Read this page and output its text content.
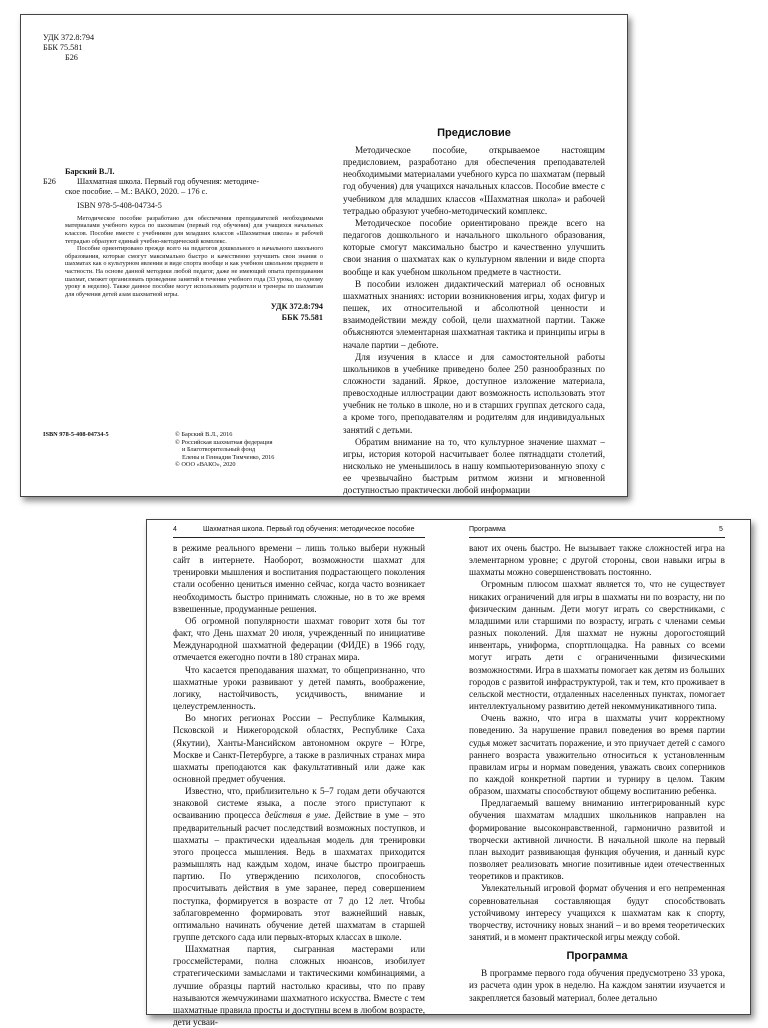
УДК 372.8:794

ББК 75.581

Б26

Барский В.Л.

Б26	Шахматная школа. Первый год обучения: методиче-

ское пособие. – М.: ВАКО, 2020. – 176 с.

ISBN 978-5-408-04734-5

Методическое пособие разработано для обеспечения преподавателей необходимыми материалами учебного курса по шахматам (первый год обучения) для учащихся начальных классов. Пособие вместе с учебником для младших классов «Шахматная школа» и рабочей тетрадью образуют единый учебно-методический комплекс.

Пособие ориентировано прежде всего на педагогов дошкольного и начального школьного образования, которые смогут максимально быстро и качественно улучшить свои знания о шахматах как о культурном явлении и виде спорта вообще и как учебном школьном предмете в частности. На основе данной методики любой педагог, даже не имеющий опыта преподавания шахмат, сможет организовать проведение занятий в течение учебного года (33 урока, по одному уроку в неделю). Также данное пособие могут использовать родители и тренеры по шахматам для обучения детей азам шахматной игры.

УДК 372.8:794

ББК 75.581

ISBN 978-5-408-04734-5	© Барский В.Л., 2016

© Российская шахматная федерация

и Благотворительный фонд

Елены и Геннадия Тимченко, 2016

© ООО «ВАКО», 2020

Предисловие

Методическое пособие, открываемое настоящим предисловием, разработано для обеспечения преподавателей необходимыми материалами учебного курса по шахматам (первый год обучения) для учащихся начальных классов. Пособие вместе с учебником для младших классов «Шахматная школа» и рабочей тетрадью образуют учебно-методический комплекс.

Методическое пособие ориентировано прежде всего на педагогов дошкольного и начального школьного образования, которые смогут максимально быстро и качественно улучшить свои знания о шахматах как о культурном явлении и виде спорта вообще и как учебном школьном предмете в частности.

В пособии изложен дидактический материал об основных шахматных знаниях: истории возникновения игры, ходах фигур и пешек, их относительной и абсолютной ценности и взаимодействии между собой, цели шахматной партии. Также объясняются элементарная шахматная тактика и принципы игры в начале партии – дебюте.

Для изучения в классе и для самостоятельной работы школьников в учебнике приведено более 250 разнообразных по сложности заданий. Яркое, доступное изложение материала, превосходные иллюстрации дают возможность использовать этот учебник не только в школе, но и в старших группах детского сада, а кроме того, преподавателям и родителям для индивидуальных занятий с детьми.

Обратим внимание на то, что культурное значение шахмат – игры, история которой насчитывает более пятнадцати столетий, нисколько не уменьшилось в нашу компьютеризованную эпоху с ее чрезвычайно быстрым ритмом жизни и мгновенной доступностью практически любой информации

4	Шахматная школа. Первый год обучения: методическое пособие	Программа	5

в режиме реального времени – лишь только выбери нужный сайт в интернете. Наоборот, возможности шахмат для тренировки мышления и воспитания подрастающего поколения стали особенно цениться именно сейчас, когда часто возникает необходимость быстро принимать сложные, но в то же время взвешенные, продуманные решения.

Об огромной популярности шахмат говорит хотя бы тот факт, что День шахмат 20 июля, учрежденный по инициативе Международной шахматной федерации (ФИДЕ) в 1966 году, отмечается ежегодно почти в 180 странах мира.

Что касается преподавания шахмат, то общепризнанно, что шахматные уроки развивают у детей память, воображение, логику, настойчивость, усидчивость, внимание и целеустремленность.

Во многих регионах России – Республике Калмыкия, Псковской и Нижегородской областях, Республике Саха (Якутии), Ханты-Мансийском автономном округе – Югре, Москве и Санкт-Петербурге, а также в различных странах мира шахматы преподаются как факультативный или даже как основной предмет обучения.

Известно, что, приблизительно к 5–7 годам дети обучаются знаковой системе языка, а после этого приступают к осваиванию процесса действия в уме. Действие в уме – это предварительный расчет последствий возможных поступков, и шахматы – практически идеальная модель для тренировки этого процесса мышления. Ведь в шахматах приходится размышлять над каждым ходом, иначе быстро проиграешь партию. По утверждению психологов, способность просчитывать действия в уме заранее, перед совершением поступка, формируется в возрасте от 7 до 12 лет. Чтобы заблаговременно формировать этот важнейший навык, оптимально начинать обучение детей шахматам в старшей группе детского сада или первых-вторых классах в школе.

Шахматная партия, сыгранная мастерами или гроссмейстерами, полна сложных нюансов, изобилует стратегическими замыслами и тактическими комбинациями, а лучшие образцы партий настолько красивы, что по праву называются жемчужинами шахматного искусства. Вместе с тем шахматные правила просты и доступны всем в любом возрасте, дети усваи-

вают их очень быстро. Не вызывает также сложностей игра на элементарном уровне; с другой стороны, свои навыки игры в шахматы можно совершенствовать постоянно.

Огромным плюсом шахмат является то, что не существует никаких ограничений для игры в шахматы ни по возрасту, ни по физическим данным. Дети могут играть со сверстниками, с младшими или старшими по возрасту, играть с членами семьи разных поколений. Для шахмат не нужны дорогостоящий инвентарь, униформа, спортплощадка. На равных со всеми могут играть дети с ограниченными физическими возможностями. Игра в шахматы помогает как детям из больших городов с развитой инфраструктурой, так и тем, кто проживает в сельской местности, отдаленных населенных пунктах, помогает интеллектуальному развитию детей некоммуникативного типа.

Очень важно, что игра в шахматы учит корректному поведению. За нарушение правил поведения во время партии судья может засчитать поражение, и это приучает детей с самого раннего возраста уважительно относиться к установленным правилам игры и нормам поведения, уважать своих соперников по каждой конкретной партии и турниру в целом. Таким образом, шахматы способствуют общему воспитанию ребенка.

Предлагаемый вашему вниманию интегрированный курс обучения шахматам младших школьников направлен на формирование высоконравственной, гармонично развитой и творчески активной личности. В начальной школе на первый план выходит развивающая функция обучения, и данный курс позволяет реализовать многие позитивные идеи отечественных теоретиков и практиков.

Увлекательный игровой формат обучения и его непременная соревновательная составляющая будут способствовать устойчивому интересу учащихся к шахматам как к спорту, творчеству, источнику новых знаний – и во время теоретических занятий, и в момент практической игры между собой.

Программа

В программе первого года обучения предусмотрено 33 урока, из расчета один урок в неделю. На каждом занятии изучается и закрепляется базовый материал, более детально
